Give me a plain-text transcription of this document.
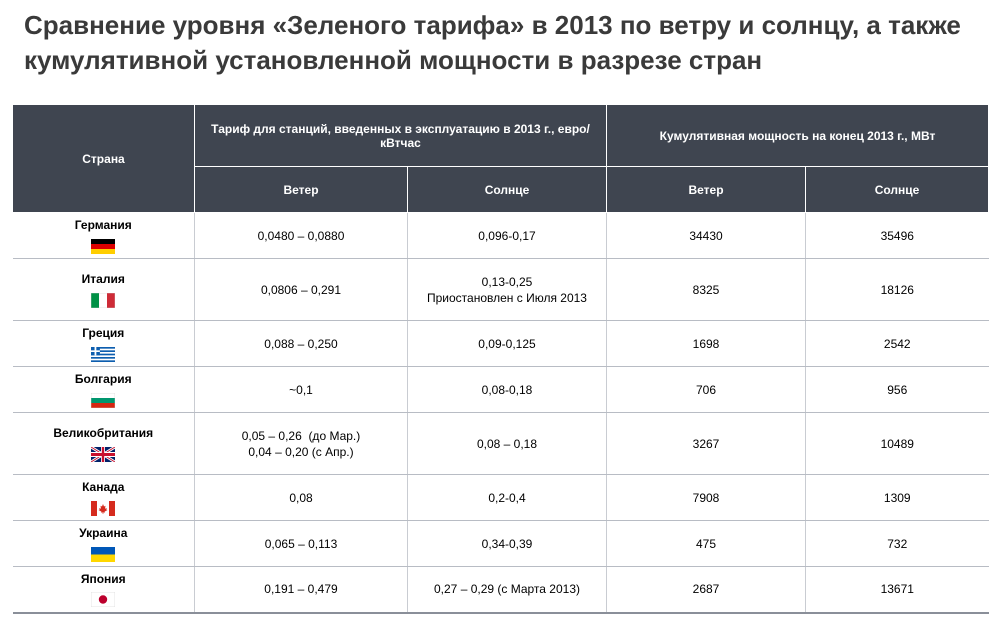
Сравнение уровня «Зеленого тарифа» в 2013 по ветру и солнцу, а также кумулятивной установленной мощности в разрезе стран
Страна	Тариф для станций, введенных в эксплуатацию в 2013 г., евро/кВтчас		Кумулятивная мощность на конец 2013 г., МВт	
	Ветер	Солнце	Ветер	Солнце

Германия	0,0480 – 0,0880	0,096-0,17	34430	35496

Италия	0,0806 – 0,291	0,13-0,25
Приостановлен с Июля 2013	8325	18126

Греция	0,088 – 0,250	0,09-0,125	1698	2542

Болгария	~0,1	0,08-0,18	706	956

Великобритания	0,05 – 0,26  (до Мар.)
0,04 – 0,20 (с Апр.)	0,08 – 0,18	3267	10489

Канада	0,08	0,2-0,4	7908	1309

Украина	0,065 – 0,113	0,34-0,39	475	732

Япония	0,191 – 0,479	0,27 – 0,29 (с Марта 2013)	2687	13671
